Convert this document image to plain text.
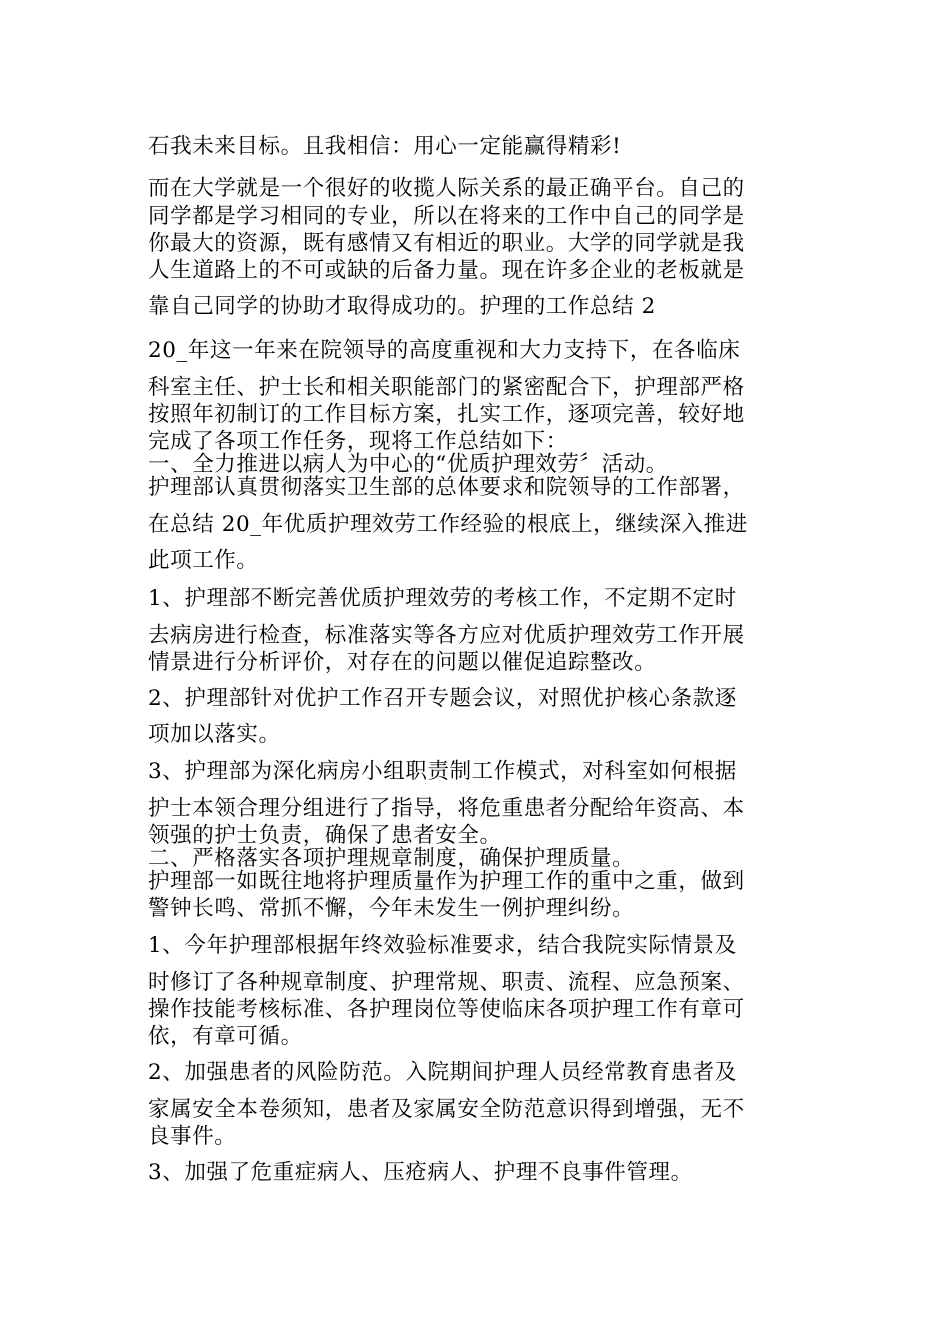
石我未来目标。且我相信：用心一定能赢得精彩!
而在大学就是一个很好的收揽人际关系的最正确平台。自己的
同学都是学习相同的专业，所以在将来的工作中自己的同学是
你最大的资源，既有感情又有相近的职业。大学的同学就是我
人生道路上的不可或缺的后备力量。现在许多企业的老板就是
靠自己同学的协助才取得成功的。护理的工作总结 2
20_年这一年来在院领导的高度重视和大力支持下，在各临床
科室主任、护士长和相关职能部门的紧密配合下，护理部严格
按照年初制订的工作目标方案，扎实工作，逐项完善，较好地
完成了各项工作任务，现将工作总结如下：
一、全力推进以病人为中心的“优质护理效劳〞活动。
护理部认真贯彻落实卫生部的总体要求和院领导的工作部署，
在总结 20_年优质护理效劳工作经验的根底上，继续深入推进
此项工作。
1、护理部不断完善优质护理效劳的考核工作，不定期不定时
去病房进行检查，标准落实等各方应对优质护理效劳工作开展
情景进行分析评价，对存在的问题以催促追踪整改。
2、护理部针对优护工作召开专题会议，对照优护核心条款逐
项加以落实。
3、护理部为深化病房小组职责制工作模式，对科室如何根据
护士本领合理分组进行了指导，将危重患者分配给年资高、本
领强的护士负责，确保了患者安全。
二、严格落实各项护理规章制度，确保护理质量。
护理部一如既往地将护理质量作为护理工作的重中之重，做到
警钟长鸣、常抓不懈，今年未发生一例护理纠纷。
1、今年护理部根据年终效验标准要求，结合我院实际情景及
时修订了各种规章制度、护理常规、职责、流程、应急预案、
操作技能考核标准、各护理岗位等使临床各项护理工作有章可
依，有章可循。
2、加强患者的风险防范。入院期间护理人员经常教育患者及
家属安全本卷须知，患者及家属安全防范意识得到增强，无不
良事件。
3、加强了危重症病人、压疮病人、护理不良事件管理。
